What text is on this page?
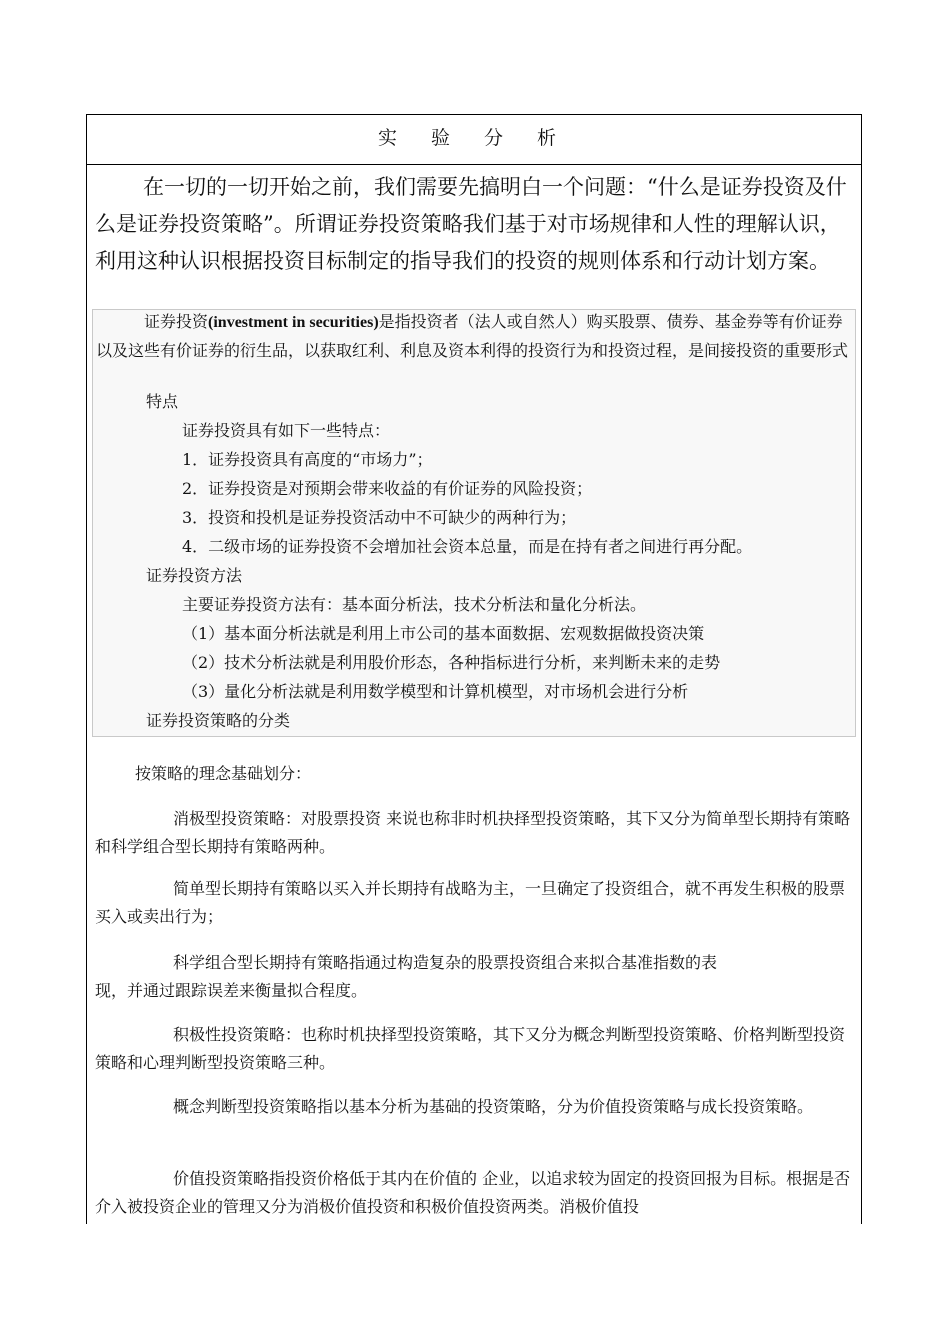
实 验 分 析

在一切的一切开始之前，我们需要先搞明白一个问题：“什么是证券投资及什么是证券投资策略”。所谓证券投资策略我们基于对市场规律和人性的理解认识，利用这种认识根据投资目标制定的指导我们的投资的规则体系和行动计划方案。

证券投资(investment in securities)是指投资者（法人或自然人）购买股票、债券、基金券等有价证券以及这些有价证券的衍生品，以获取红利、利息及资本利得的投资行为和投资过程，是间接投资的重要形式

特点

证券投资具有如下一些特点：

1．证券投资具有高度的“市场力”；

2．证券投资是对预期会带来收益的有价证券的风险投资；

3．投资和投机是证券投资活动中不可缺少的两种行为；

4．二级市场的证券投资不会增加社会资本总量，而是在持有者之间进行再分配。

证券投资方法

主要证券投资方法有：基本面分析法，技术分析法和量化分析法。

（1）基本面分析法就是利用上市公司的基本面数据、宏观数据做投资决策

（2）技术分析法就是利用股价形态，各种指标进行分析，来判断未来的走势

（3）量化分析法就是利用数学模型和计算机模型，对市场机会进行分析

证券投资策略的分类

按策略的理念基础划分：

消极型投资策略：对股票投资 来说也称非时机抉择型投资策略，其下又分为简单型长期持有策略和科学组合型长期持有策略两种。

简单型长期持有策略以买入并长期持有战略为主，一旦确定了投资组合，就不再发生积极的股票买入或卖出行为；

科学组合型长期持有策略指通过构造复杂的股票投资组合来拟合基准指数的表

现，并通过跟踪误差来衡量拟合程度。

积极性投资策略：也称时机抉择型投资策略，其下又分为概念判断型投资策略、价格判断型投资策略和心理判断型投资策略三种。

概念判断型投资策略指以基本分析为基础的投资策略，分为价值投资策略与成长投资策略。

价值投资策略指投资价格低于其内在价值的 企业，以追求较为固定的投资回报为目标。根据是否介入被投资企业的管理又分为消极价值投资和积极价值投资两类。消极价值投
